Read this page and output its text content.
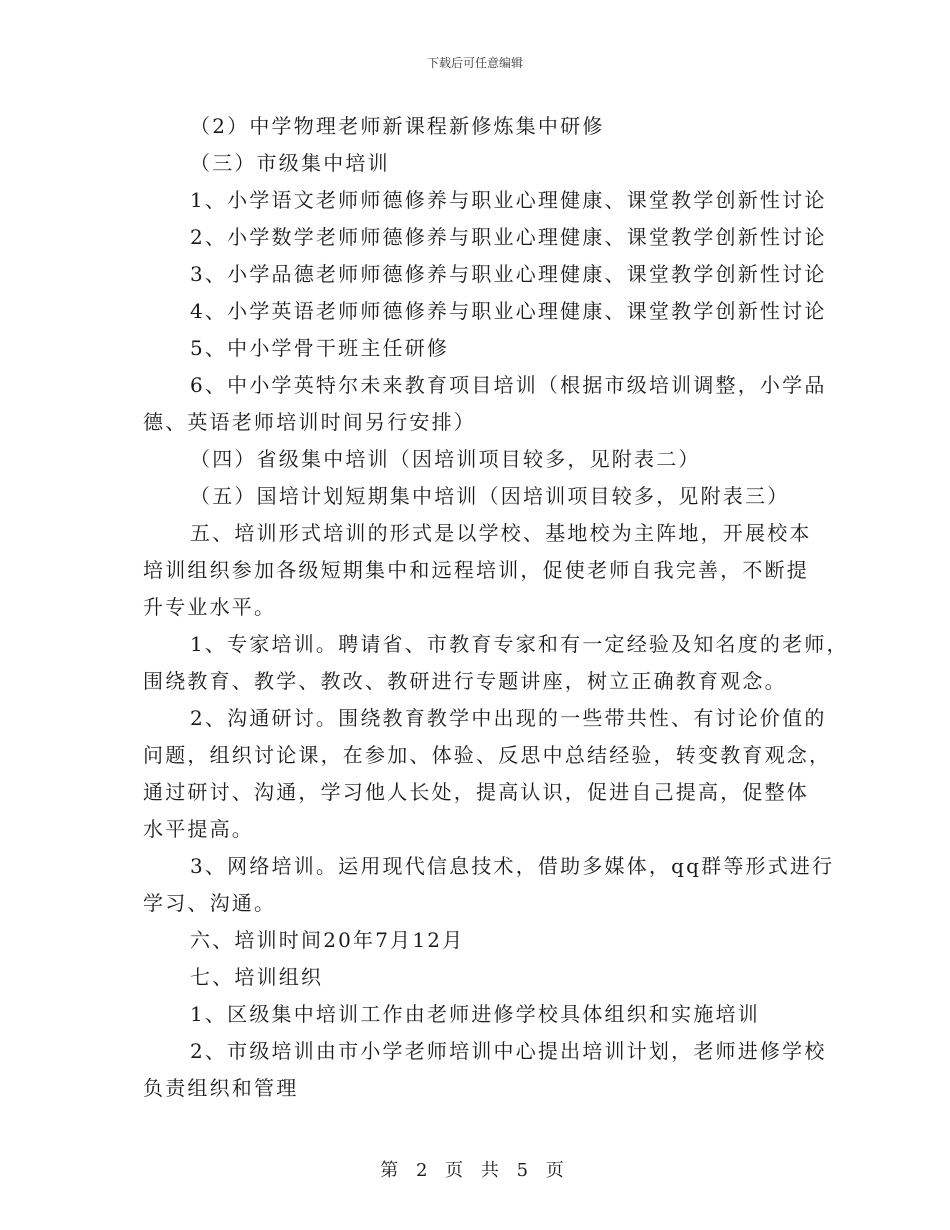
下载后可任意编辑
（2）中学物理老师新课程新修炼集中研修
（三）市级集中培训
1、小学语文老师师德修养与职业心理健康、课堂教学创新性讨论
2、小学数学老师师德修养与职业心理健康、课堂教学创新性讨论
3、小学品德老师师德修养与职业心理健康、课堂教学创新性讨论
4、小学英语老师师德修养与职业心理健康、课堂教学创新性讨论
5、中小学骨干班主任研修
6、中小学英特尔未来教育项目培训（根据市级培训调整，小学品
德、英语老师培训时间另行安排）
（四）省级集中培训（因培训项目较多，见附表二）
（五）国培计划短期集中培训（因培训项目较多，见附表三）
五、培训形式培训的形式是以学校、基地校为主阵地，开展校本
培训组织参加各级短期集中和远程培训，促使老师自我完善，不断提
升专业水平。
1、专家培训。聘请省、市教育专家和有一定经验及知名度的老师，
围绕教育、教学、教改、教研进行专题讲座，树立正确教育观念。
2、沟通研讨。围绕教育教学中出现的一些带共性、有讨论价值的
问题，组织讨论课，在参加、体验、反思中总结经验，转变教育观念，
通过研讨、沟通，学习他人长处，提高认识，促进自己提高，促整体
水平提高。
3、网络培训。运用现代信息技术，借助多媒体，qq群等形式进行
学习、沟通。
六、培训时间20年7月12月
七、培训组织
1、区级集中培训工作由老师进修学校具体组织和实施培训
2、市级培训由市小学老师培训中心提出培训计划，老师进修学校
负责组织和管理
第 2 页 共 5 页
